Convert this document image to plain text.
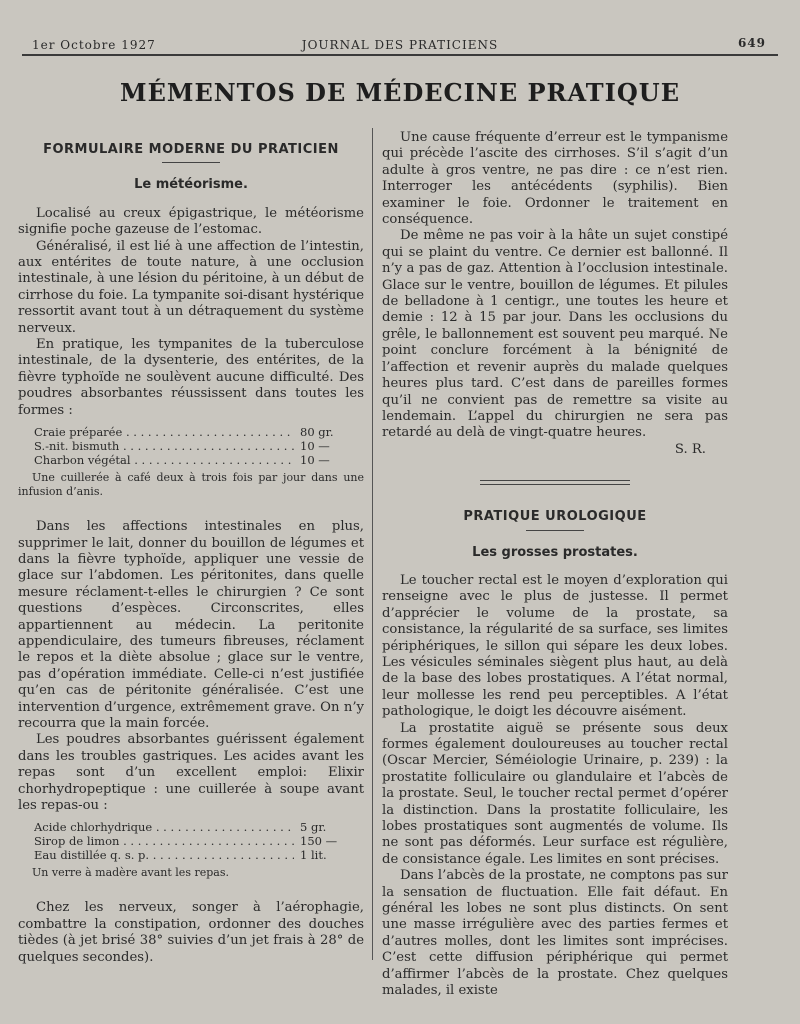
1er Octobre 1927	JOURNAL DES PRATICIENS	649
MÉMENTOS DE MÉDECINE PRATIQUE
FORMULAIRE MODERNE DU PRATICIEN
Le météorisme.

Localisé au creux épigastrique, le météorisme signifie poche gazeuse de l’estomac.

Généralisé, il est lié à une affection de l’intestin, aux entérites de toute nature, à une occlusion intestinale, à une lésion du péritoine, à un début de cirrhose du foie. La tympanite soi-disant hystérique ressortit avant tout à un détraquement du système nerveux.

En pratique, les tympanites de la tuberculose intestinale, de la dysenterie, des entérites, de la fièvre typhoïde ne soulèvent aucune difficulté. Des poudres absorbantes réussissent dans toutes les formes :

Craie préparée . . .	80 gr.
S.-nit. bismuth . . .	10 —
Charbon végétal . . .	10 —
Une cuillerée à café deux à trois fois par jour dans une infusion d’anis.

Dans les affections intestinales en plus, supprimer le lait, donner du bouillon de légumes et dans la fièvre typhoïde, appliquer une vessie de glace sur l’abdomen. Les péritonites, dans quelle mesure réclament-t-elles le chirurgien ? Ce sont questions d’espèces. Circonscrites, elles appartiennent au médecin. La peritonite appendiculaire, des tumeurs fibreuses, réclament le repos et la diète absolue ; glace sur le ventre, pas d’opération immédiate. Celle-ci n’est justifiée qu’en cas de péritonite généralisée. C’est une intervention d’urgence, extrêmement grave. On n’y recourra que la main forcée.

Les poudres absorbantes guérissent également dans les troubles gastriques. Les acides avant les repas sont d’un excellent emploi: Elixir chorhydropeptique : une cuillerée à soupe avant les repas-ou :

Acide chlorhydrique . . .	5 gr.
Sirop de limon . . .	150 —
Eau distillée q. s. p. . . .	1 lit.
Un verre à madère avant les repas.

Chez les nerveux, songer à l’aérophagie, combattre la constipation, ordonner des douches tièdes (à jet brisé 38° suivies d’un jet frais à 28° de quelques secondes).

Une cause fréquente d’erreur est le tympanisme qui précède l’ascite des cirrhoses. S’il s’agit d’un adulte à gros ventre, ne pas dire : ce n’est rien. Interroger les antécédents (syphilis). Bien examiner le foie. Ordonner le traitement en conséquence.

De même ne pas voir à la hâte un sujet constipé qui se plaint du ventre. Ce dernier est ballonné. Il n’y a pas de gaz. Attention à l’occlusion intestinale. Glace sur le ventre, bouillon de légumes. Et pilules de belladone à 1 centigr., une toutes les heure et demie : 12 à 15 par jour. Dans les occlusions du grêle, le ballonnement est souvent peu marqué. Ne point conclure forcément à la bénignité de l’affection et revenir auprès du malade quelques heures plus tard. C’est dans de pareilles formes qu’il ne convient pas de remettre sa visite au lendemain. L’appel du chirurgien ne sera pas retardé au delà de vingt-quatre heures.

S. R.
PRATIQUE UROLOGIQUE
Les grosses prostates.

Le toucher rectal est le moyen d’exploration qui renseigne avec le plus de justesse. Il permet d’apprécier le volume de la prostate, sa consistance, la régularité de sa surface, ses limites périphériques, le sillon qui sépare les deux lobes. Les vésicules séminales siègent plus haut, au delà de la base des lobes prostatiques. A l’état normal, leur mollesse les rend peu perceptibles. A l’état pathologique, le doigt les découvre aisément.

La prostatite aiguë se présente sous deux formes également douloureuses au toucher rectal (Oscar Mercier, Séméiologie Urinaire, p. 239) : la prostatite folliculaire ou glandulaire et l’abcès de la prostate. Seul, le toucher rectal permet d’opérer la distinction. Dans la prostatite folliculaire, les lobes prostatiques sont augmentés de volume. Ils ne sont pas déformés. Leur surface est régulière, de consistance égale. Les limites en sont précises.

Dans l’abcès de la prostate, ne comptons pas sur la sensation de fluctuation. Elle fait défaut. En général les lobes ne sont plus distincts. On sent une masse irrégulière avec des parties fermes et d’autres molles, dont les limites sont imprécises. C’est cette diffusion périphérique qui permet d’affirmer l’abcès de la prostate. Chez quelques malades, il existe
